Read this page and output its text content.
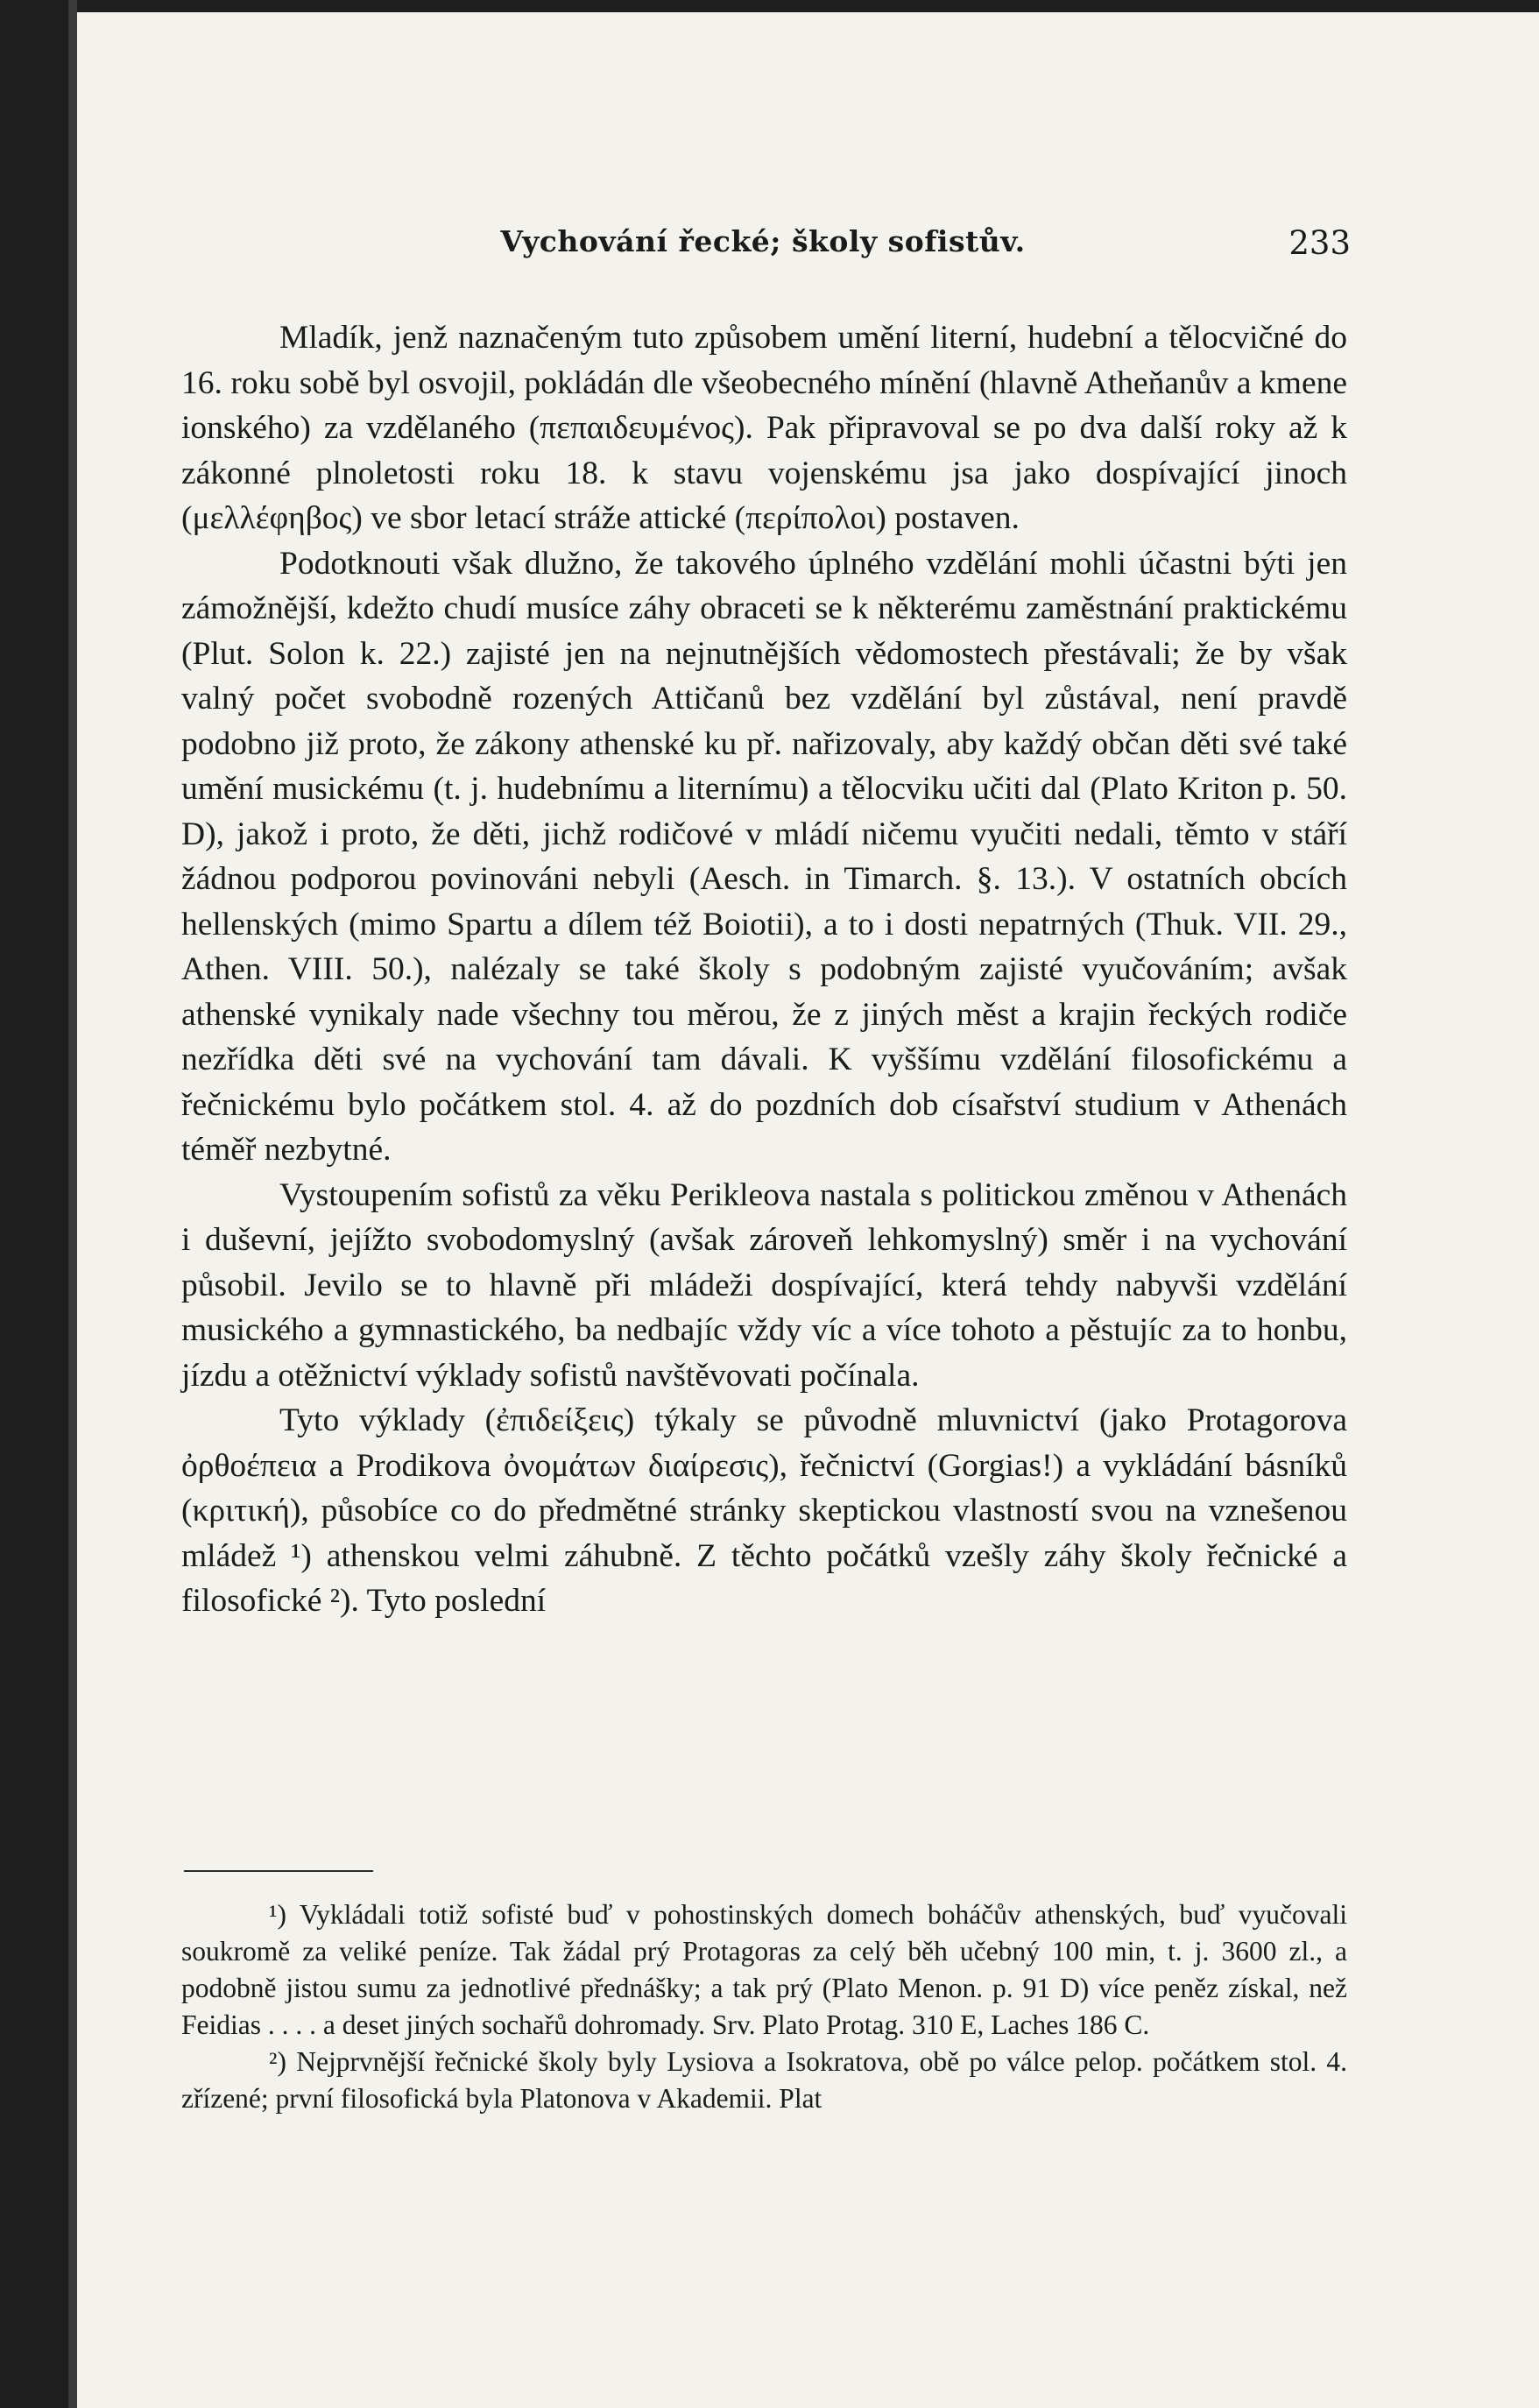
Vychování řecké; školy sofistův.	233

Mladík, jenž naznačeným tuto způsobem umění literní, hudební a tělocvičné do 16. roku sobě byl osvojil, pokládán dle všeobecného mínění (hlavně Atheňanův a kmene ionského) za vzdělaného (πεπαιδευμένος). Pak připravoval se po dva další roky až k zákonné plnoletosti roku 18. k stavu vojenskému jsa jako dospívající jinoch (μελλέφηβος) ve sbor letací stráže attické (περίπολοι) postaven.

Podotknouti však dlužno, že takového úplného vzdělání mohli účastni býti jen zámožnější, kdežto chudí musíce záhy obraceti se k některému zaměstnání praktickému (Plut. Solon k. 22.) zajisté jen na nejnutnějších vědomostech přestávali; že by však valný počet svobodně rozených Attičanů bez vzdělání byl zůstával, není pravdě podobno již proto, že zákony athenské ku př. nařizovaly, aby každý občan děti své také umění musickému (t. j. hudebnímu a liternímu) a tělocviku učiti dal (Plato Kriton p. 50. D), jakož i proto, že děti, jichž rodičové v mládí ničemu vyučiti nedali, těmto v stáří žádnou podporou povinováni nebyli (Aesch. in Timarch. §. 13.). V ostatních obcích hellenských (mimo Spartu a dílem též Boiotii), a to i dosti nepatrných (Thuk. VII. 29., Athen. VIII. 50.), nalézaly se také školy s podobným zajisté vyučováním; avšak athenské vynikaly nade všechny tou měrou, že z jiných měst a krajin řeckých rodiče nezřídka děti své na vychování tam dávali. K vyššímu vzdělání filosofickému a řečnickému bylo počátkem stol. 4. až do pozdních dob císařství studium v Athenách téměř nezbytné.

Vystoupením sofistů za věku Perikleova nastala s politickou změnou v Athenách i duševní, jejížto svobodomyslný (avšak zároveň lehkomyslný) směr i na vychování působil. Jevilo se to hlavně při mládeži dospívající, která tehdy nabyvši vzdělání musického a gymnastického, ba nedbajíc vždy víc a více tohoto a pěstujíc za to honbu, jízdu a otěžnictví výklady sofistů navštěvovati počínala.

Tyto výklady (ἐπιδείξεις) týkaly se původně mluvnictví (jako Protagorova ὀρθοέπεια a Prodikova ὀνομάτων διαίρεσις), řečnictví (Gorgias!) a vykládání básníků (κριτική), působíce co do předmětné stránky skeptickou vlastností svou na vznešenou mládež ¹) athenskou velmi záhubně. Z těchto počátků vzešly záhy školy řečnické a filosofické ²). Tyto poslední

¹) Vykládali totiž sofisté buď v pohostinských domech boháčův athenských, buď vyučovali soukromě za veliké peníze. Tak žádal prý Protagoras za celý běh učebný 100 min, t. j. 3600 zl., a podobně jistou sumu za jednotlivé přednášky; a tak prý (Plato Menon. p. 91 D) více peněz získal, než Feidias . . . . a deset jiných sochařů dohromady. Srv. Plato Protag. 310 E, Laches 186 C.

²) Nejprvnější řečnické školy byly Lysiova a Isokratova, obě po válce pelop. počátkem stol. 4. zřízené; první filosofická byla Platonova v Akademii. Plat
